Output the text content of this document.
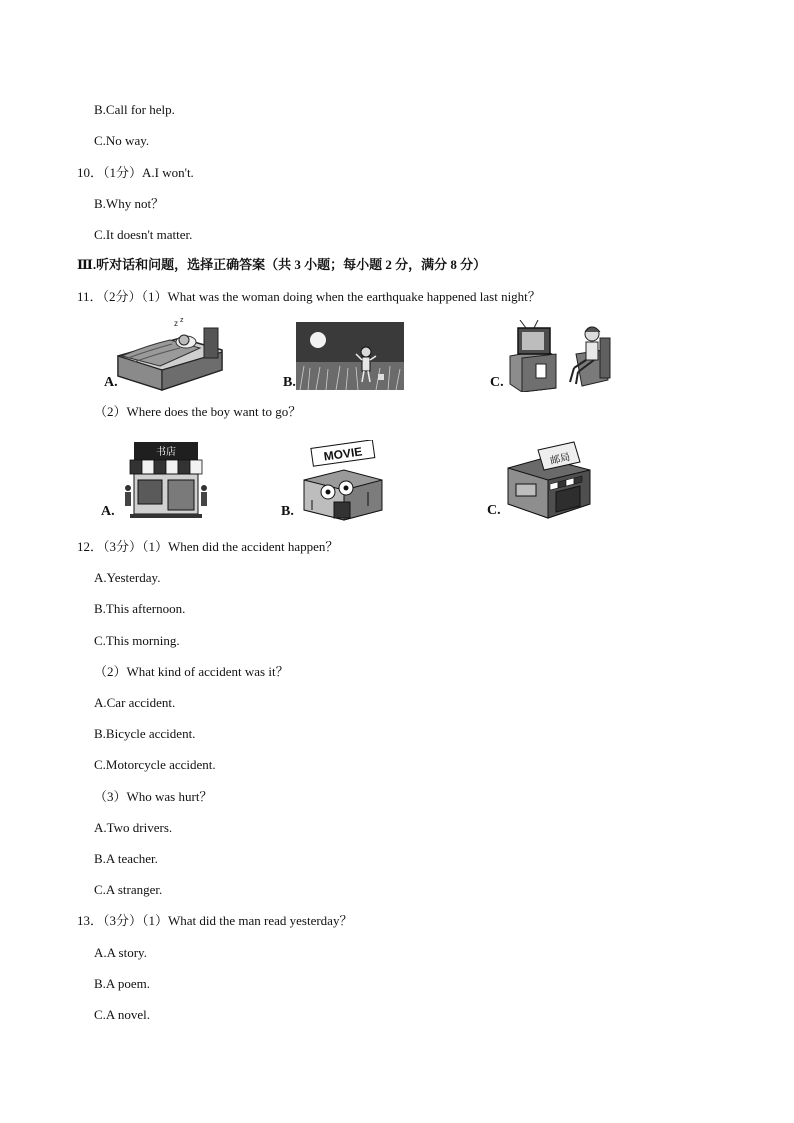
B.Call for help.
C.No way.
10．（1分）A.I won't.
B.Why not？
C.It doesn't matter.
Ⅲ.听对话和问题，选择正确答案（共 3 小题；每小题 2 分，满分 8 分）
11．（2分）（1）What was the woman doing when the earthquake happened last night？
z z
A.	B.	C.
（2）Where does the boy want to go？
书店
A.
MOVIE
B.
邮局
C.
12．（3分）（1）When did the accident happen？
A.Yesterday.
B.This afternoon.
C.This morning.
（2）What kind of accident was it？
A.Car accident.
B.Bicycle accident.
C.Motorcycle accident.
（3）Who was hurt？
A.Two drivers.
B.A teacher.
C.A stranger.
13．（3分）（1）What did the man read yesterday？
A.A story.
B.A poem.
C.A novel.
